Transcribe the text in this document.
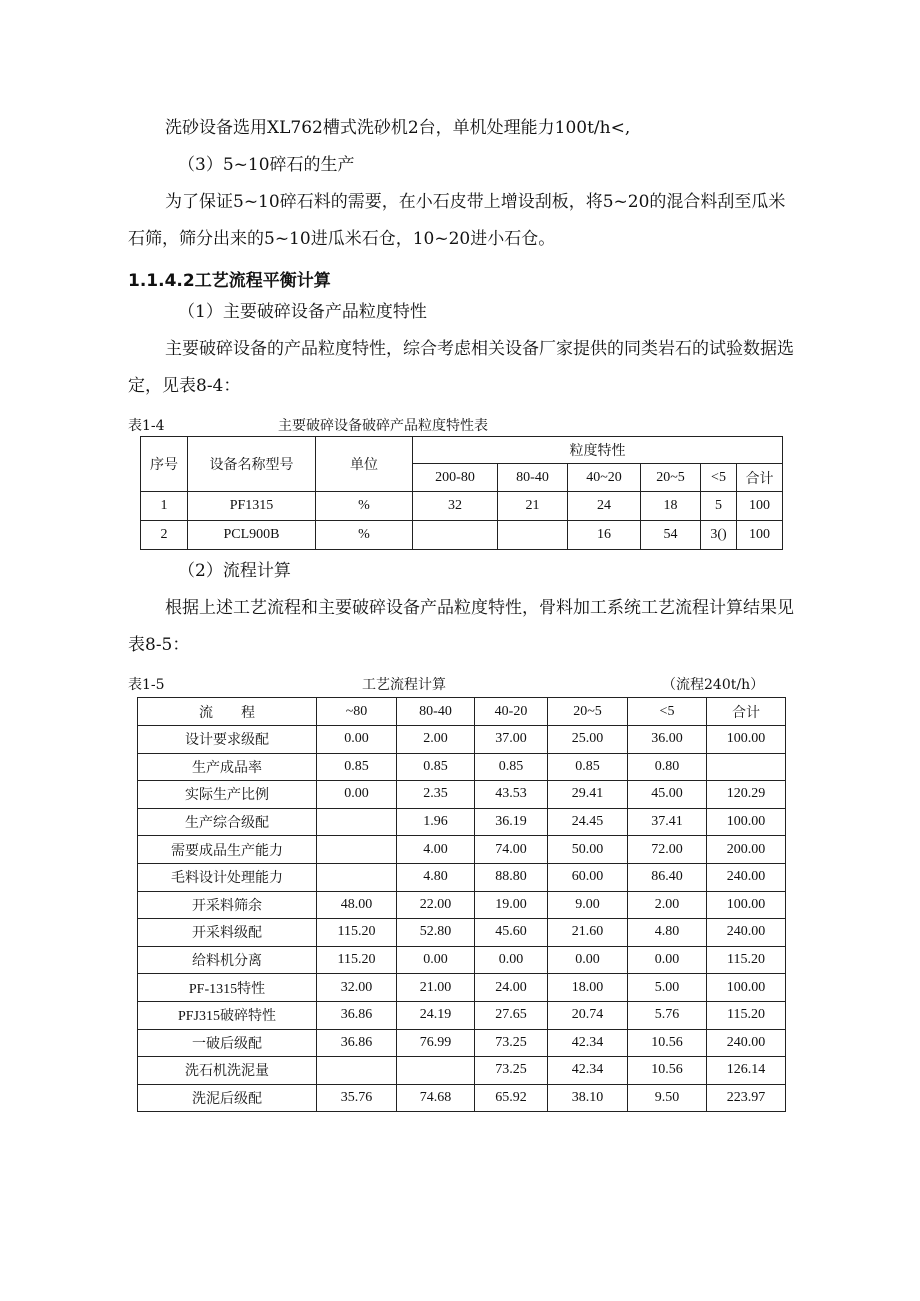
洗砂设备选用XL762槽式洗砂机2台，单机处理能力100t/h<,
（3）5~10碎石的生产
为了保证5~10碎石料的需要，在小石皮带上增设刮板，将5~20的混合料刮至瓜米
石筛，筛分出来的5~10进瓜米石仓，10~20进小石仓。
1.1.4.2工艺流程平衡计算
（1）主要破碎设备产品粒度特性
主要破碎设备的产品粒度特性，综合考虑相关设备厂家提供的同类岩石的试验数据选
定，见表8-4：
表1-4	主要破碎设备破碎产品粒度特性表
序号	设备名称型号	单位	粒度特性					
			200-80	80-40	40~20	20~5	<5	合计
1	PF1315	%	32	21	24	18	5	100
2	PCL900B	%			16	54	3()	100
（2）流程计算
根据上述工艺流程和主要破碎设备产品粒度特性，骨料加工系统工艺流程计算结果见
表8-5：
表1-5	工艺流程计算	（流程240t/h）
流　　程	~80	80-40	40-20	20~5	<5	合计
设计要求级配	0.00	2.00	37.00	25.00	36.00	100.00
生产成品率	0.85	0.85	0.85	0.85	0.80	
实际生产比例	0.00	2.35	43.53	29.41	45.00	120.29
生产综合级配		1.96	36.19	24.45	37.41	100.00
需要成品生产能力		4.00	74.00	50.00	72.00	200.00
毛料设计处理能力		4.80	88.80	60.00	86.40	240.00
开采料筛余	48.00	22.00	19.00	9.00	2.00	100.00
开采料级配	115.20	52.80	45.60	21.60	4.80	240.00
给料机分离	115.20	0.00	0.00	0.00	0.00	115.20
PF-1315特性	32.00	21.00	24.00	18.00	5.00	100.00
PFJ315破碎特性	36.86	24.19	27.65	20.74	5.76	115.20
一破后级配	36.86	76.99	73.25	42.34	10.56	240.00
洗石机洗泥量			73.25	42.34	10.56	126.14
洗泥后级配	35.76	74.68	65.92	38.10	9.50	223.97
